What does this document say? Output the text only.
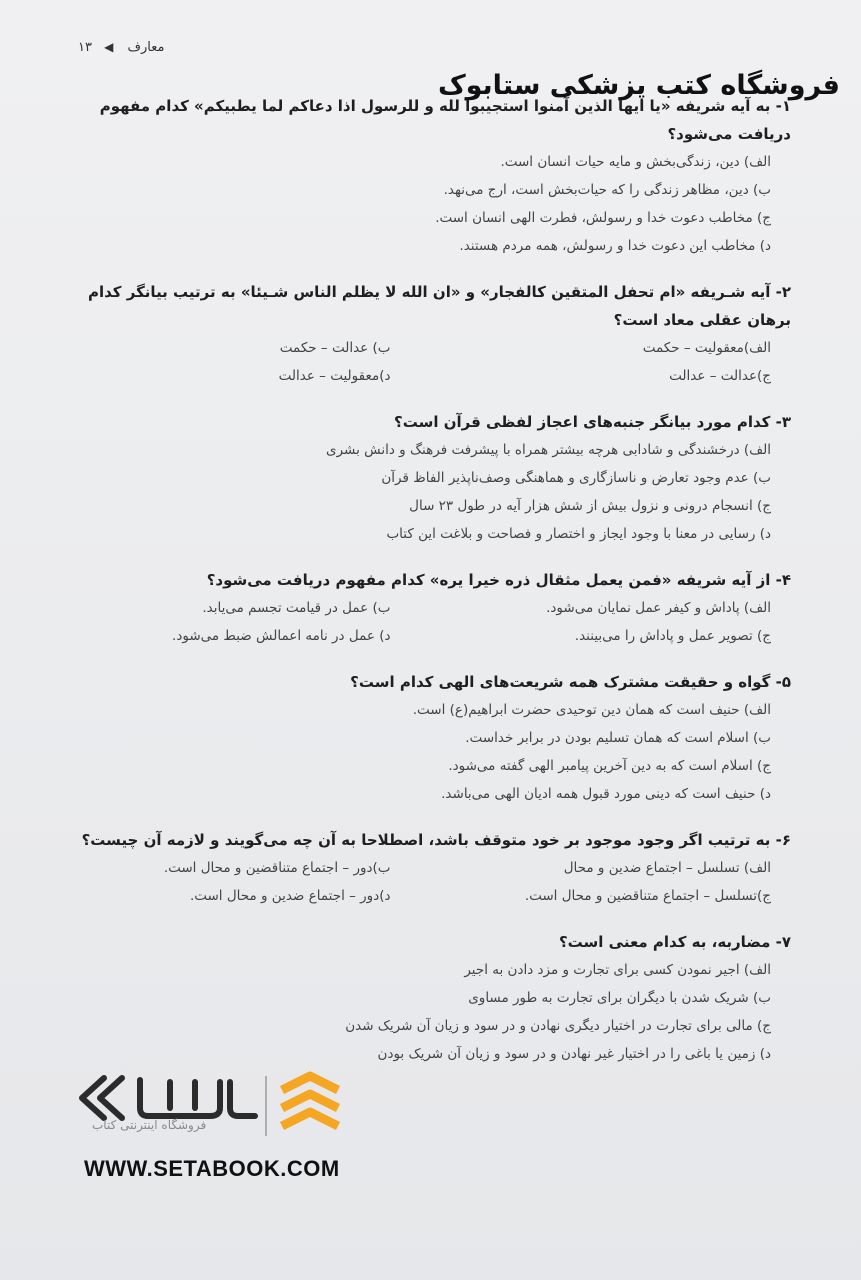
۱۳ ◀ معارف
فروشگاه کتب پزشکی ستابوک
۱- به آیه شریفه «یا ایها الذین آمنوا استجیبوا لله و للرسول اذا دعاکم لما یطبیکم» کدام مفهوم دریافت می‌شود؟
الف) دین، زندگی‌بخش و مایه حیات انسان است.
ب) دین، مظاهر زندگی را که حیات‌بخش است، ارج می‌نهد.
ج) مخاطب دعوت خدا و رسولش، فطرت الهی انسان است.
د) مخاطب این دعوت خدا و رسولش، همه مردم هستند.
۲- آیه شـریفه «ام تحفل المتقین کالفجار» و «ان الله لا یظلم الناس شـیئا» به ترتیب بیانگر کدام برهان عقلی معاد است؟
الف)معقولیت – حکمت
ب) عدالت – حکمت
ج)عدالت – عدالت
د)معقولیت – عدالت
۳- کدام مورد بیانگر جنبه‌های اعجاز لفظی قرآن است؟
الف) درخشندگی و شادابی هرچه بیشتر همراه با پیشرفت فرهنگ و دانش بشری
ب) عدم وجود تعارض و ناسازگاری و هماهنگی وصف‌ناپذیر الفاظ قرآن
ج) انسجام درونی و نزول بیش از شش هزار آیه در طول ۲۳ سال
د) رسایی در معنا با وجود ایجاز و اختصار و فصاحت و بلاغت این کتاب
۴- از آیه شریفه «فمن یعمل مثقال ذره خیرا یره» کدام مفهوم دریافت می‌شود؟
الف) پاداش و کیفر عمل نمایان می‌شود.
ب) عمل در قیامت تجسم می‌یابد.
ج) تصویر عمل و پاداش را می‌بینند.
د) عمل در نامه اعمالش ضبط می‌شود.
۵- گواه و حقیقت مشترک همه شریعت‌های الهی کدام است؟
الف) حنیف است که همان دین توحیدی حضرت ابراهیم(ع) است.
ب) اسلام است که همان تسلیم بودن در برابر خداست.
ج) اسلام است که به دین آخرین پیامبر الهی گفته می‌شود.
د) حنیف است که دینی مورد قبول همه ادیان الهی می‌باشد.
۶- به ترتیب اگر وجود موجود بر خود متوقف باشد، اصطلاحا به آن چه می‌گویند و لازمه آن چیست؟
الف) تسلسل – اجتماع ضدین و محال
ب)دور – اجتماع متناقضین و محال است.
ج)تسلسل – اجتماع متناقضین و محال است.
د)دور – اجتماع ضدین و محال است.
۷- مضاربه، به کدام معنی است؟
الف) اجیر نمودن کسی برای تجارت و مزد دادن به اجیر
ب) شریک شدن با دیگران برای تجارت به طور مساوی
ج) مالی برای تجارت در اختیار دیگری نهادن و در سود و زیان آن شریک شدن
د) زمین یا باغی را در اختیار غیر نهادن و در سود و زیان آن شریک بودن
فروشگاه اینترنتی کتاب
WWW.SETABOOK.COM
